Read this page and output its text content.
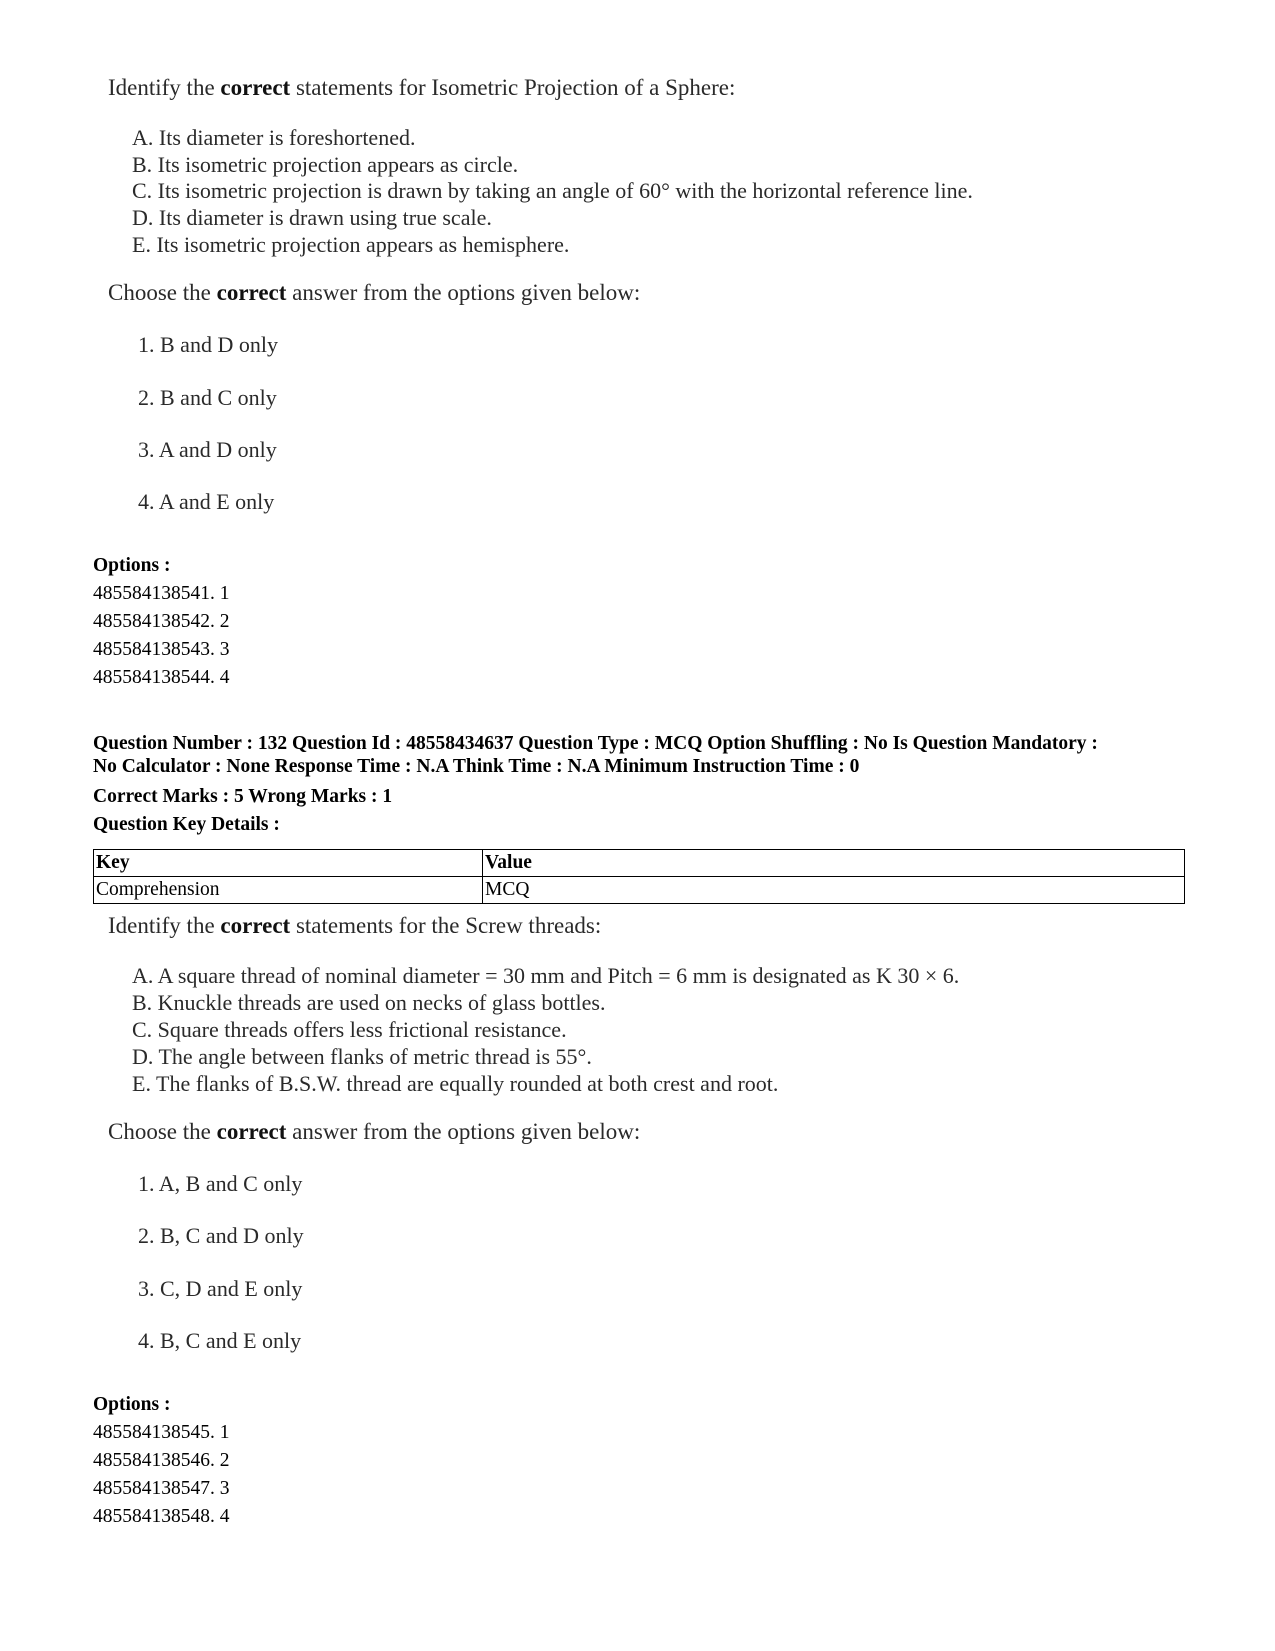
Identify the correct statements for Isometric Projection of a Sphere:
A. Its diameter is foreshortened.
B. Its isometric projection appears as circle.
C. Its isometric projection is drawn by taking an angle of 60° with the horizontal reference line.
D. Its diameter is drawn using true scale.
E. Its isometric projection appears as hemisphere.
Choose the correct answer from the options given below:
1. B and D only
2. B and C only
3. A and D only
4. A and E only
Options :
485584138541. 1
485584138542. 2
485584138543. 3
485584138544. 4
Question Number : 132 Question Id : 48558434637 Question Type : MCQ Option Shuffling : No Is Question Mandatory :
No Calculator : None Response Time : N.A Think Time : N.A Minimum Instruction Time : 0
Correct Marks : 5 Wrong Marks : 1
Question Key Details :
Key	Value
Comprehension	MCQ
Identify the correct statements for the Screw threads:
A. A square thread of nominal diameter = 30 mm and Pitch = 6 mm is designated as K 30 × 6.
B. Knuckle threads are used on necks of glass bottles.
C. Square threads offers less frictional resistance.
D. The angle between flanks of metric thread is 55°.
E. The flanks of B.S.W. thread are equally rounded at both crest and root.
Choose the correct answer from the options given below:
1. A, B and C only
2. B, C and D only
3. C, D and E only
4. B, C and E only
Options :
485584138545. 1
485584138546. 2
485584138547. 3
485584138548. 4
